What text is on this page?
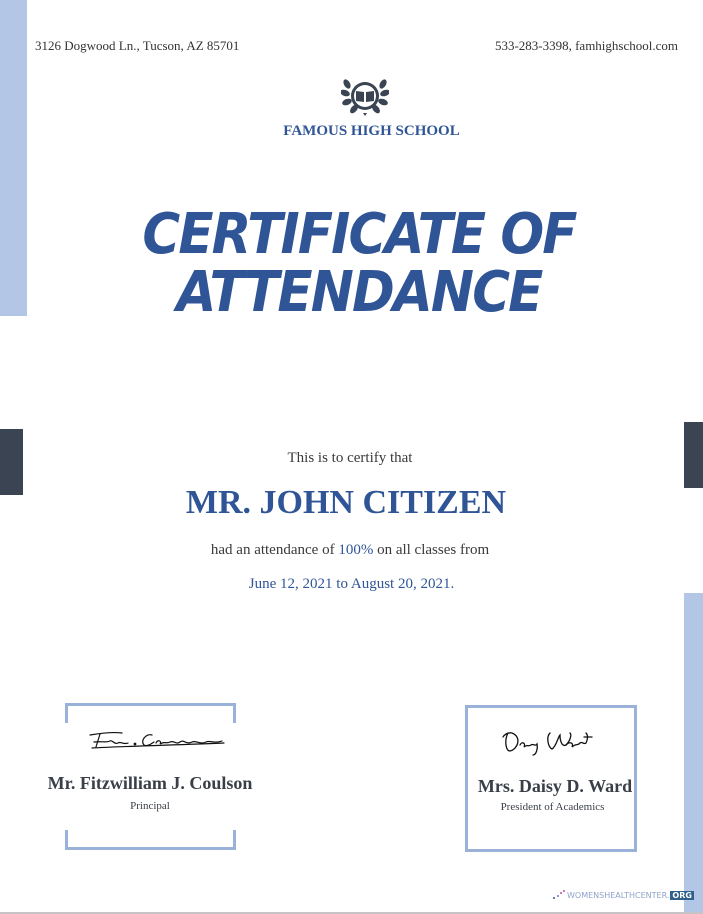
3126 Dogwood Ln., Tucson, AZ 85701	533-283-3398, famhighschool.com
FAMOUS HIGH SCHOOL
CERTIFICATE OF
ATTENDANCE
This is to certify that
MR. JOHN CITIZEN
had an attendance of 100% on all classes from
June 12, 2021 to August 20, 2021.
Mr. Fitzwilliam J. Coulson
Principal
Mrs. Daisy D. Ward
President of Academics
WOMENSHEALTHCENTER. ORG
